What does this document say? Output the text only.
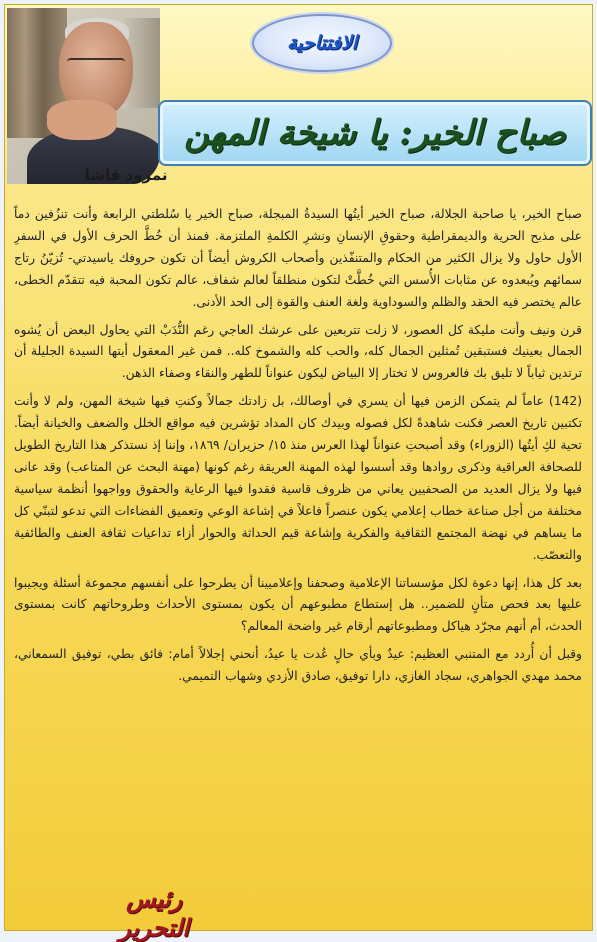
نمرود قاشا
الافتتاحية
صباح الخير: يا شيخة المهن

صباح الخير، يا صاحبة الجلالة، صباح الخير أيتُها السيدةُ المبجلة، صباح الخير يا سُلطتي الرابعة وأنت تنزُفين دماً على مذبح الحرية والديمقراطية وحقوقِ الإنسانِ ونشرِ الكلمةِ الملتزمة. فمنذ أن خُطَّ الحرف الأول في السفرِ الأول حاول ولا يزال الكثير من الحكام والمتنفّذين وأصحاب الكروش أيضاً أن تكون حروفك ياسيدتي- تُزيّنُ رتاج سمائهم ويُبعدوه عن مثابات الأُسس التي خُطَّتْ لتكون منطلقاً لعالم شفاف، عالم تكون المحبة فيه تتقدّم الخطى، عالم يختصر فيه الحقد والظلم والسوداوية ولغة العنف والقوة إلى الحد الأدنى.

قرن ونيف وأنت مليكة كل العصور، لا زلت تتربعين على عرشك العاجي رغم النُّدَبْ التي يحاول البعض أن يُشوه الجمال بعينيك فستبقين تُمثلين الجمال كله، والحب كله والشموخ كله.. فمن غير المعقول أيتها السيدة الجليلة أن ترتدين ثياباً لا تليق بك فالعروس لا تختار إلا البياض ليكون عنواناً للطهر والنقاء وصفاء الذهن.

(142) عاماً لم يتمكن الزمن فيها أن يسري في أوصالك، بل زادتك جمالاً وكنتِ فيها شيخة المهن، ولم لا وأنت تكتبين تاريخ العصر فكنت شاهدةً لكل فصوله وبيدك كان المداد تؤشرين فيه مواقع الخلل والضعف والخيانة أيضاً. تحية لكِ أيتُها (الزوراء) وقد أصبحتِ عنواناً لهذا العرس منذ ١٥/ حزيران/ ١٨٦٩، وإننا إذ نستذكر هذا التاريخ الطويل للصحافة العراقية وذكرى روادها وقد أسسوا لهذه المهنة العريقة رغم كونها (مهنة البحث عن المتاعب) وقد عانى فيها ولا يزال العديد من الصحفيين يعاني من ظروف قاسية فقدوا فيها الرعاية والحقوق وواجهوا أنظمة سياسية مختلفة من أجل صناعة خطاب إعلامي يكون عنصراً فاعلاً في إشاعة الوعي وتعميق الفضاءات التي تدعو لتبنّي كل ما يساهم في نهضة المجتمع الثقافية والفكرية وإشاعة قيم الحداثة والحوار أزاء تداعيات ثقافة العنف والطائفية والتعصّب.

بعد كل هذا، إنها دعوة لكل مؤسساتنا الإعلامية وصحفنا وإعلاميينا أن يطرحوا على أنفسهم مجموعة أسئلة ويجيبوا عليها بعد فحص متأنٍ للضمير.. هل إستطاع مطبوعهم أن يكون بمستوى الأحداث وطروحاتهم كانت بمستوى الحدث، أم أنهم مجرّد هياكل ومطبوعاتهم أرقام غير واضحة المعالم؟

وقبل أن أُردد مع المتنبي العظيم: عيدٌ وبأي حالٍ عُدت يا عيدُ، أنحني إجلالاً أمام: فائق بطي، توفيق السمعاني، محمد مهدي الجواهري، سجاد الغازي، دارا توفيق، صادق الأزدي وشهاب التميمي.

رئيس التحرير
